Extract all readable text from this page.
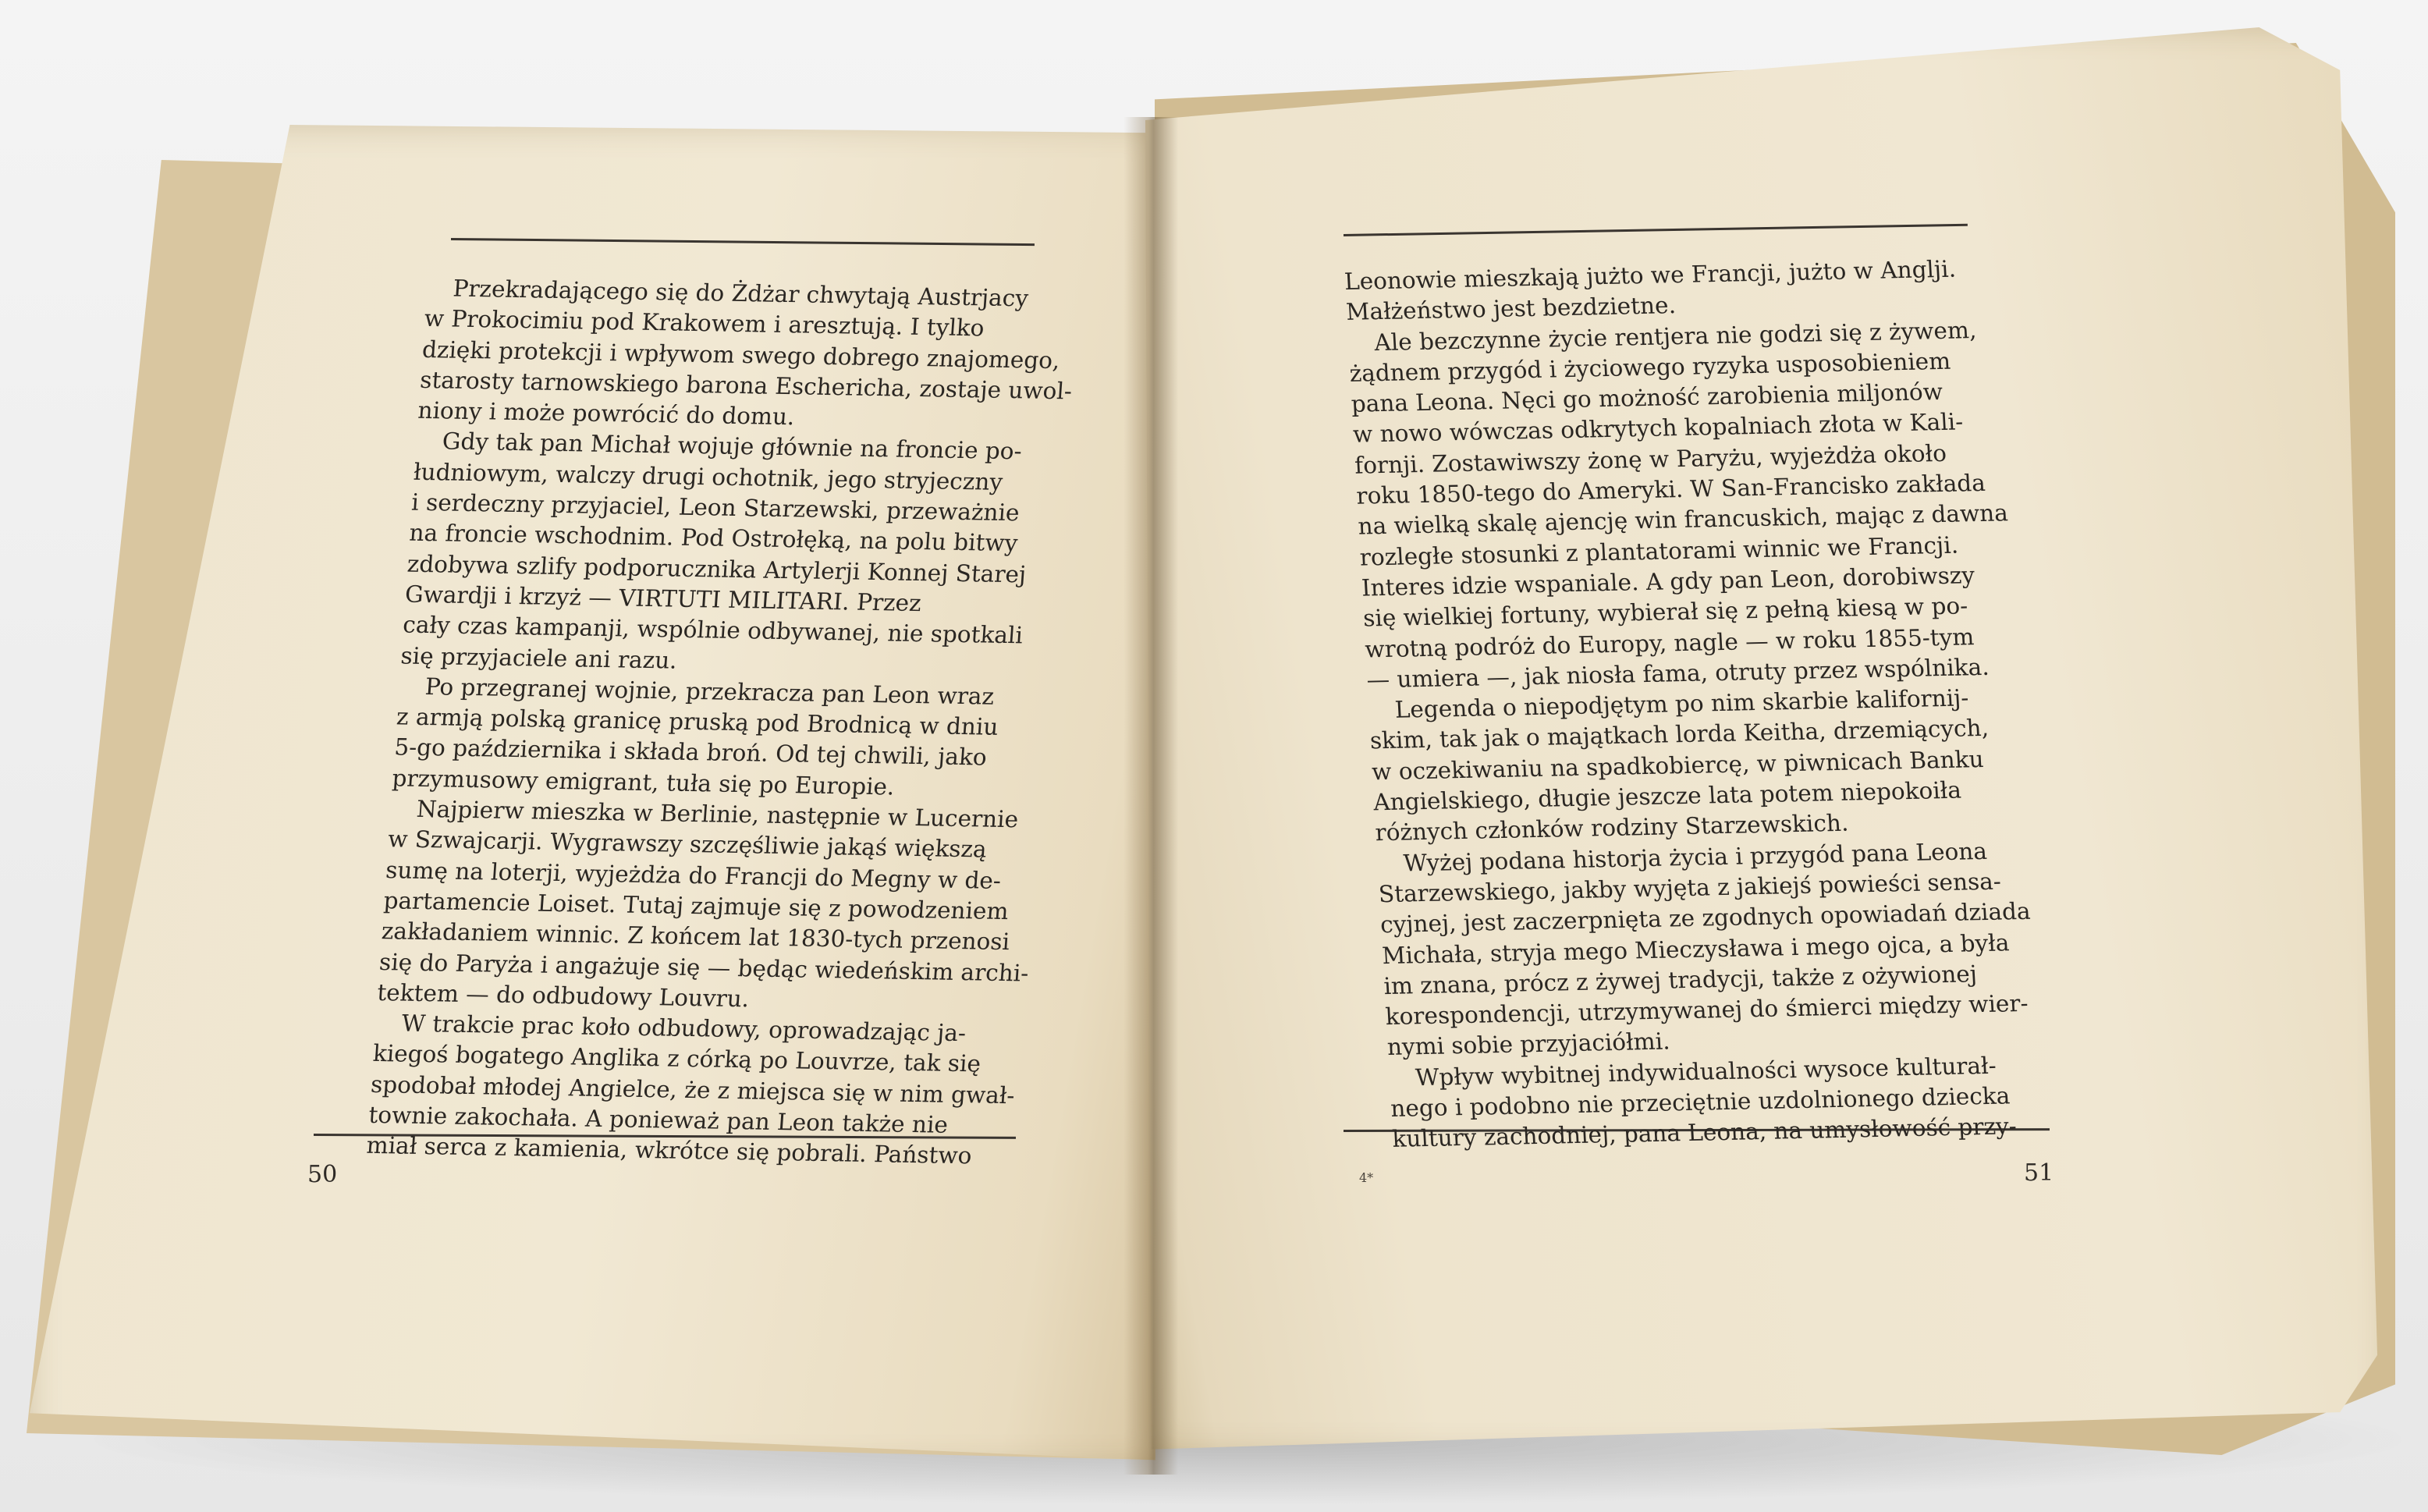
Przekradającego się do Żdżar chwytają Austrjacy
w Prokocimiu pod Krakowem i aresztują. I tylko
dzięki protekcji i wpływom swego dobrego znajomego,
starosty tarnowskiego barona Eschericha, zostaje uwol-
niony i może powrócić do domu.
Gdy tak pan Michał wojuje głównie na froncie po-
łudniowym, walczy drugi ochotnik, jego stryjeczny
i serdeczny przyjaciel, Leon Starzewski, przeważnie
na froncie wschodnim. Pod Ostrołęką, na polu bitwy
zdobywa szlify podporucznika Artylerji Konnej Starej
Gwardji i krzyż — VIRTUTI MILITARI. Przez
cały czas kampanji, wspólnie odbywanej, nie spotkali
się przyjaciele ani razu.
Po przegranej wojnie, przekracza pan Leon wraz
z armją polską granicę pruską pod Brodnicą w dniu
5-go października i składa broń. Od tej chwili, jako
przymusowy emigrant, tuła się po Europie.
Najpierw mieszka w Berlinie, następnie w Lucernie
w Szwajcarji. Wygrawszy szczęśliwie jakąś większą
sumę na loterji, wyjeżdża do Francji do Megny w de-
partamencie Loiset. Tutaj zajmuje się z powodzeniem
zakładaniem winnic. Z końcem lat 1830-tych przenosi
się do Paryża i angażuje się — będąc wiedeńskim archi-
tektem — do odbudowy Louvru.
W trakcie prac koło odbudowy, oprowadzając ja-
kiegoś bogatego Anglika z córką po Louvrze, tak się
spodobał młodej Angielce, że z miejsca się w nim gwał-
townie zakochała. A ponieważ pan Leon także nie
miał serca z kamienia, wkrótce się pobrali. Państwo
Leonowie mieszkają jużto we Francji, jużto w Anglji.
Małżeństwo jest bezdzietne.
Ale bezczynne życie rentjera nie godzi się z żywem,
żądnem przygód i życiowego ryzyka usposobieniem
pana Leona. Nęci go możność zarobienia miljonów
w nowo wówczas odkrytych kopalniach złota w Kali-
fornji. Zostawiwszy żonę w Paryżu, wyjeżdża około
roku 1850-tego do Ameryki. W San-Francisko zakłada
na wielką skalę ajencję win francuskich, mając z dawna
rozległe stosunki z plantatorami winnic we Francji.
Interes idzie wspaniale. A gdy pan Leon, dorobiwszy
się wielkiej fortuny, wybierał się z pełną kiesą w po-
wrotną podróż do Europy, nagle — w roku 1855-tym
— umiera —, jak niosła fama, otruty przez wspólnika.
Legenda o niepodjętym po nim skarbie kalifornij-
skim, tak jak o majątkach lorda Keitha, drzemiących,
w oczekiwaniu na spadkobiercę, w piwnicach Banku
Angielskiego, długie jeszcze lata potem niepokoiła
różnych członków rodziny Starzewskich.
Wyżej podana historja życia i przygód pana Leona
Starzewskiego, jakby wyjęta z jakiejś powieści sensa-
cyjnej, jest zaczerpnięta ze zgodnych opowiadań dziada
Michała, stryja mego Mieczysława i mego ojca, a była
im znana, prócz z żywej tradycji, także z ożywionej
korespondencji, utrzymywanej do śmierci między wier-
nymi sobie przyjaciółmi.
Wpływ wybitnej indywidualności wysoce kulturał-
nego i podobno nie przeciętnie uzdolnionego dziecka
kultury zachodniej, pana Leona, na umysłowość przy-
50	51
4*
